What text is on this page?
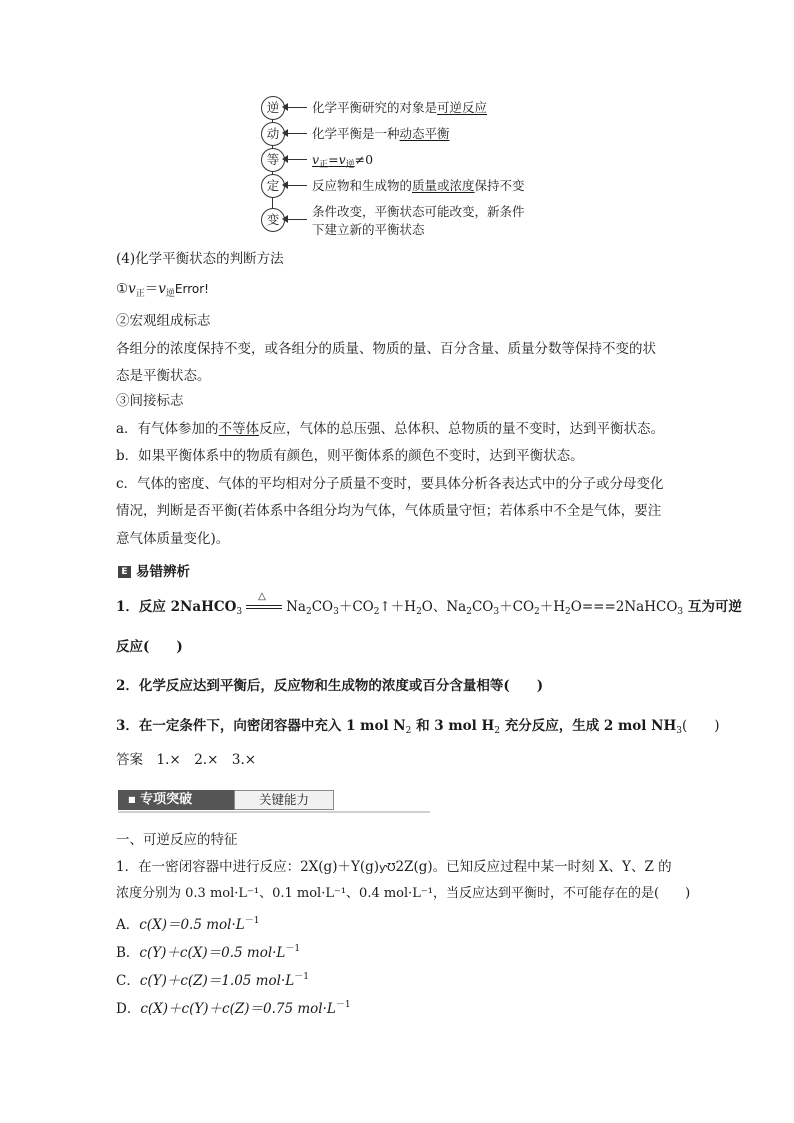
逆	化学平衡研究的对象是可逆反应
动	化学平衡是一种动态平衡
等	$v_正=v_逆\ne 0$
定	反应物和生成物的质量或浓度保持不变
变
条件改变，平衡状态可能改变，新条件
下建立新的平衡状态
(4)化学平衡状态的判断方法
$①v_正=v_逆Error$!
②宏观组成标志
各组分的浓度保持不变，或各组分的质量、物质的量、百分含量、质量分数等保持不变的状
态是平衡状态。
③间接标志
a．有气体参加的不等体反应，气体的总压强、总体积、总物质的量不变时，达到平衡状态。
b．如果平衡体系中的物质有颜色，则平衡体系的颜色不变时，达到平衡状态。
c．气体的密度、气体的平均相对分子质量不变时，要具体分析各表达式中的分子或分母变化
情况，判断是否平衡(若体系中各组分均为气体，气体质量守恒；若体系中不全是气体，要注
意气体质量变化)。
E 易错辨析
1．反应 2NaHCO$_3$
△
$Na_2CO_3+CO_2↑+H_2O$、$Na_2CO_3+CO_2+H_2O===2NaHCO_3$ 互为可逆
反应(　　)
2．化学反应达到平衡后，反应物和生成物的浓度或百分含量相等(　　)
3．在一定条件下，向密闭容器中充入 1 mol $N_2$ 和 3 mol $H_2$ 充分反应，生成 2 mol $NH_3$(　　)
答案　1.×　2.×　3.×
■ 专项突破	关键能力
一、可逆反应的特征
1．在一密闭容器中进行反应：2X(g)＋Y(g)ƴƱ2Z(g)。已知反应过程中某一时刻 X、Y、Z 的
浓度分别为 0.3 mol·L⁻¹、0.1 mol·L⁻¹、0.4 mol·L⁻¹，当反应达到平衡时，不可能存在的是(　　)
A．c(X)＝0.5 $mol\cdot L^{-1}$
B．c(Y)＋c(X)＝0.5 $mol\cdot L^{-1}$
C．c(Y)＋c(Z)＝1.05 $mol\cdot L^{-1}$
D．c(X)＋c(Y)＋c(Z)＝0.75 $mol\cdot L^{-1}$
